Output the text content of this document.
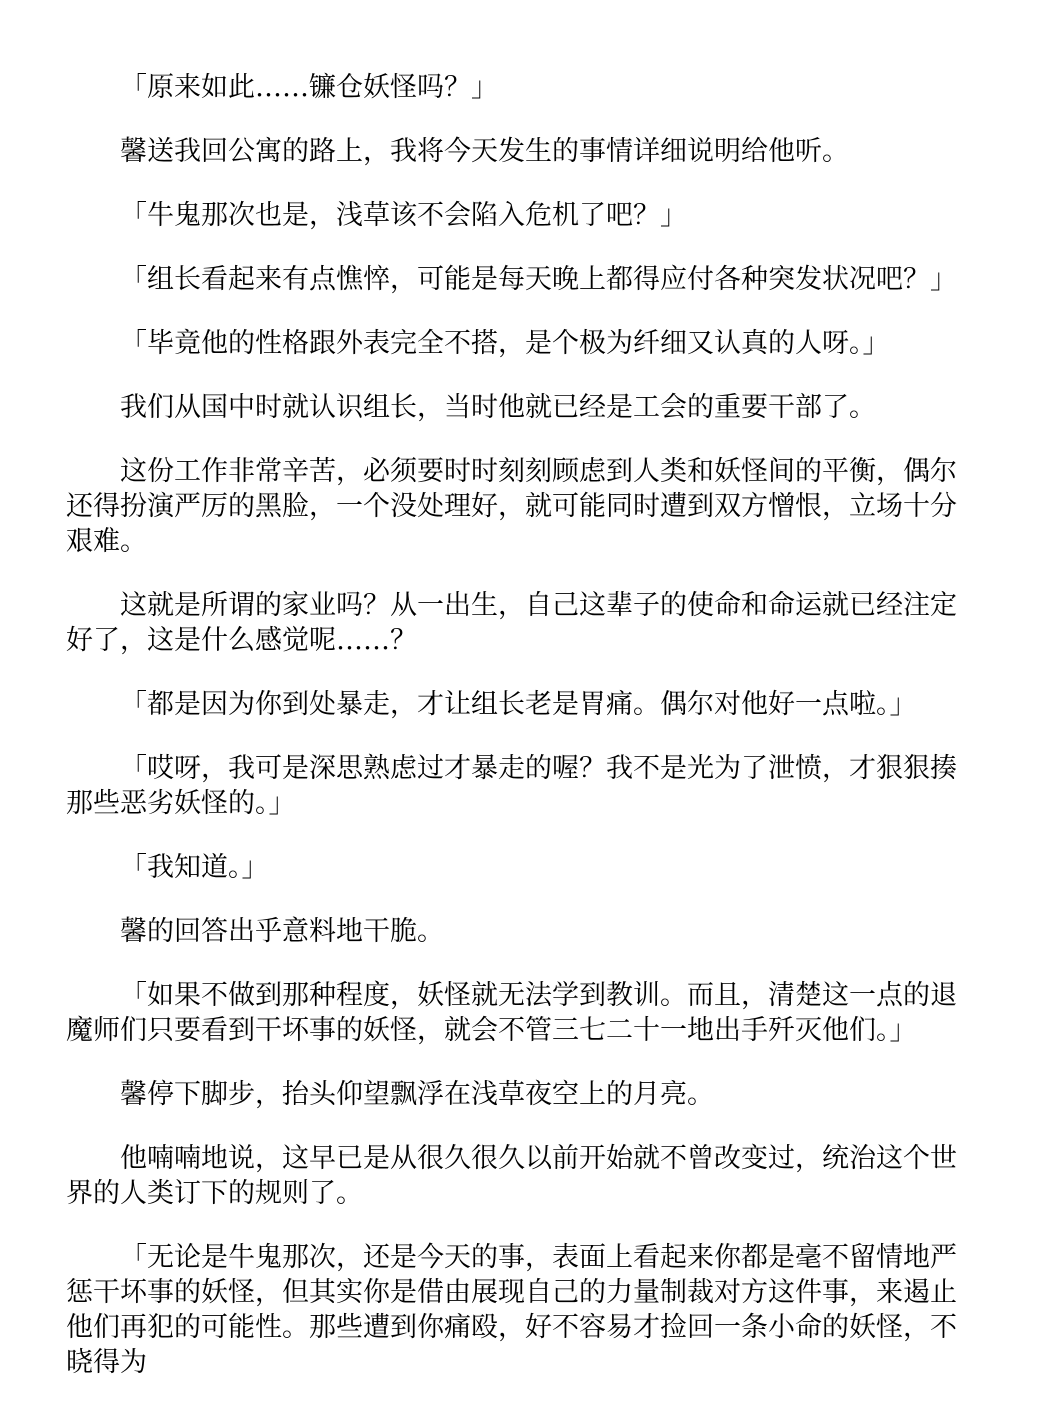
「原来如此……镰仓妖怪吗？」

馨送我回公寓的路上，我将今天发生的事情详细说明给他听。

「牛鬼那次也是，浅草该不会陷入危机了吧？」

「组长看起来有点憔悴，可能是每天晚上都得应付各种突发状况吧？」

「毕竟他的性格跟外表完全不搭，是个极为纤细又认真的人呀。」

我们从国中时就认识组长，当时他就已经是工会的重要干部了。

这份工作非常辛苦，必须要时时刻刻顾虑到人类和妖怪间的平衡，偶尔还得扮演严厉的黑脸，一个没处理好，就可能同时遭到双方憎恨，立场十分艰难。

这就是所谓的家业吗？从一出生，自己这辈子的使命和命运就已经注定好了，这是什么感觉呢……？

「都是因为你到处暴走，才让组长老是胃痛。偶尔对他好一点啦。」

「哎呀，我可是深思熟虑过才暴走的喔？我不是光为了泄愤，才狠狠揍那些恶劣妖怪的。」

「我知道。」

馨的回答出乎意料地干脆。

「如果不做到那种程度，妖怪就无法学到教训。而且，清楚这一点的退魔师们只要看到干坏事的妖怪，就会不管三七二十一地出手歼灭他们。」

馨停下脚步，抬头仰望飘浮在浅草夜空上的月亮。

他喃喃地说，这早已是从很久很久以前开始就不曾改变过，统治这个世界的人类订下的规则了。

「无论是牛鬼那次，还是今天的事，表面上看起来你都是毫不留情地严惩干坏事的妖怪，但其实你是借由展现自己的力量制裁对方这件事，来遏止他们再犯的可能性。那些遭到你痛殴，好不容易才捡回一条小命的妖怪，不晓得为
